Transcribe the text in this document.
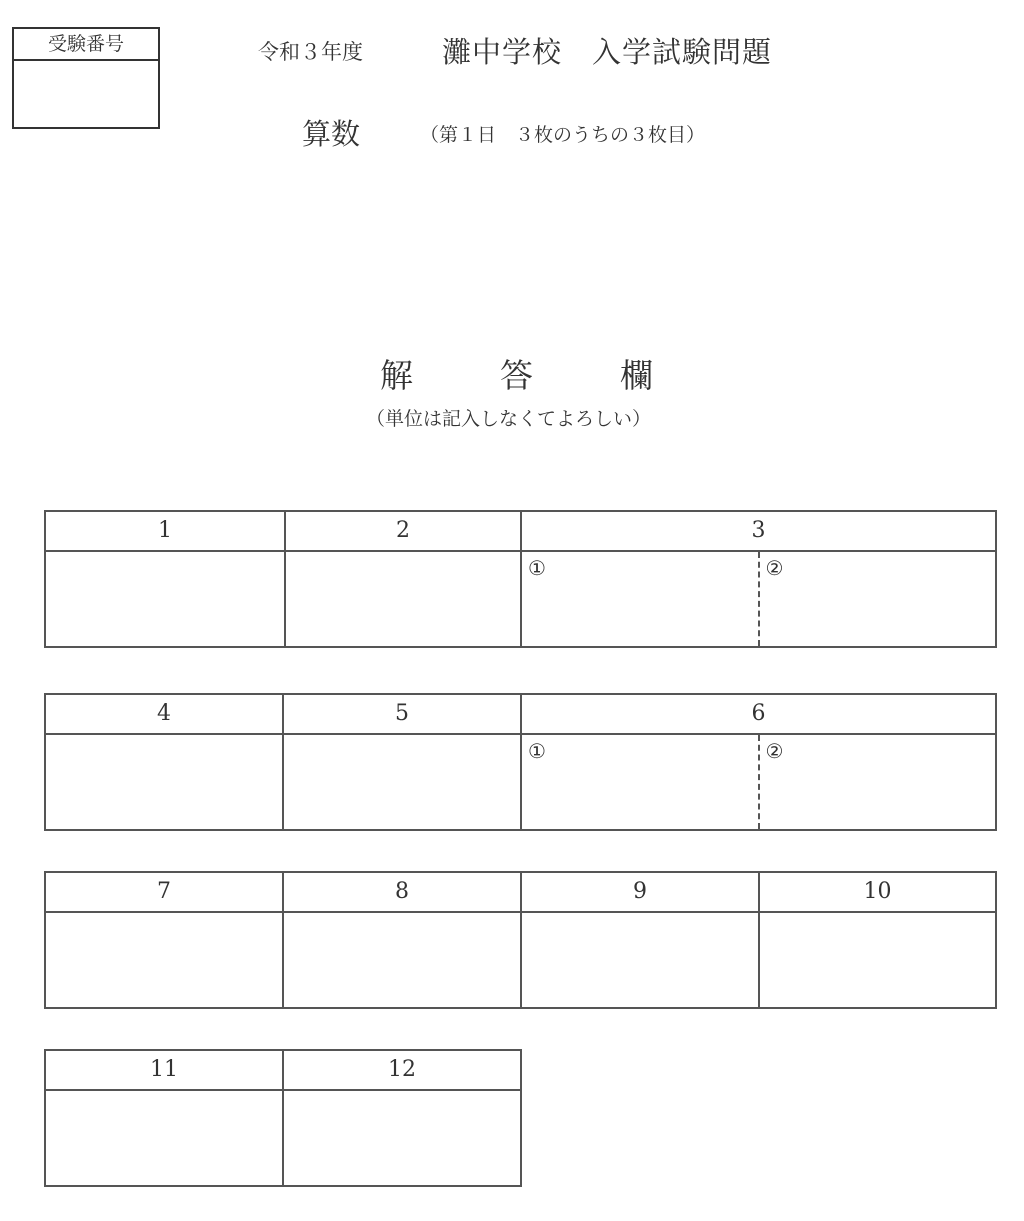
受験番号	令和３年度	灘中学校　入学試験問題
算数	（第１日　３枚のうちの３枚目）
解	答	欄
（単位は記入しなくてよろしい）
1	2	3

		① ②
4	5	6

		① ②
7	8	9	10

11	12
